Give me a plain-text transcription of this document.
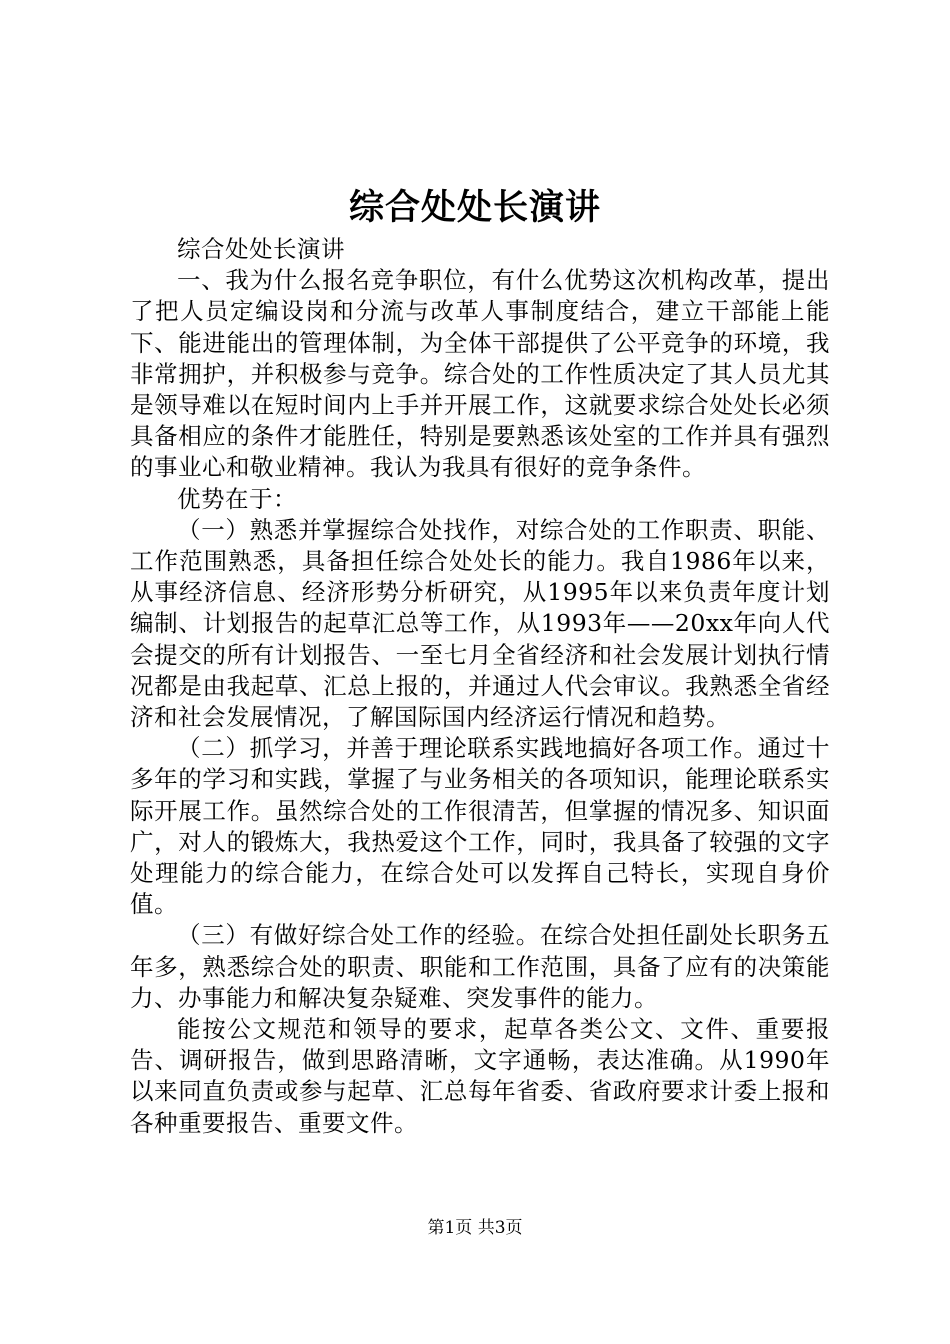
综合处处长演讲

综合处处长演讲

一、我为什么报名竞争职位，有什么优势这次机构改革，提出了把人员定编设岗和分流与改革人事制度结合，建立干部能上能下、能进能出的管理体制，为全体干部提供了公平竞争的环境，我非常拥护，并积极参与竞争。综合处的工作性质决定了其人员尤其是领导难以在短时间内上手并开展工作，这就要求综合处处长必须具备相应的条件才能胜任，特别是要熟悉该处室的工作并具有强烈的事业心和敬业精神。我认为我具有很好的竞争条件。

优势在于：

（一）熟悉并掌握综合处找作，对综合处的工作职责、职能、工作范围熟悉，具备担任综合处处长的能力。我自1986年以来，从事经济信息、经济形势分析研究，从1995年以来负责年度计划编制、计划报告的起草汇总等工作，从1993年——20xx年向人代会提交的所有计划报告、一至七月全省经济和社会发展计划执行情况都是由我起草、汇总上报的，并通过人代会审议。我熟悉全省经济和社会发展情况，了解国际国内经济运行情况和趋势。

（二）抓学习，并善于理论联系实践地搞好各项工作。通过十多年的学习和实践，掌握了与业务相关的各项知识，能理论联系实际开展工作。虽然综合处的工作很清苦，但掌握的情况多、知识面广，对人的锻炼大，我热爱这个工作，同时，我具备了较强的文字处理能力的综合能力，在综合处可以发挥自己特长，实现自身价值。

（三）有做好综合处工作的经验。在综合处担任副处长职务五年多，熟悉综合处的职责、职能和工作范围，具备了应有的决策能力、办事能力和解决复杂疑难、突发事件的能力。

能按公文规范和领导的要求，起草各类公文、文件、重要报告、调研报告，做到思路清晰，文字通畅，表达准确。从1990年以来同直负责或参与起草、汇总每年省委、省政府要求计委上报和各种重要报告、重要文件。

第1页 共3页
